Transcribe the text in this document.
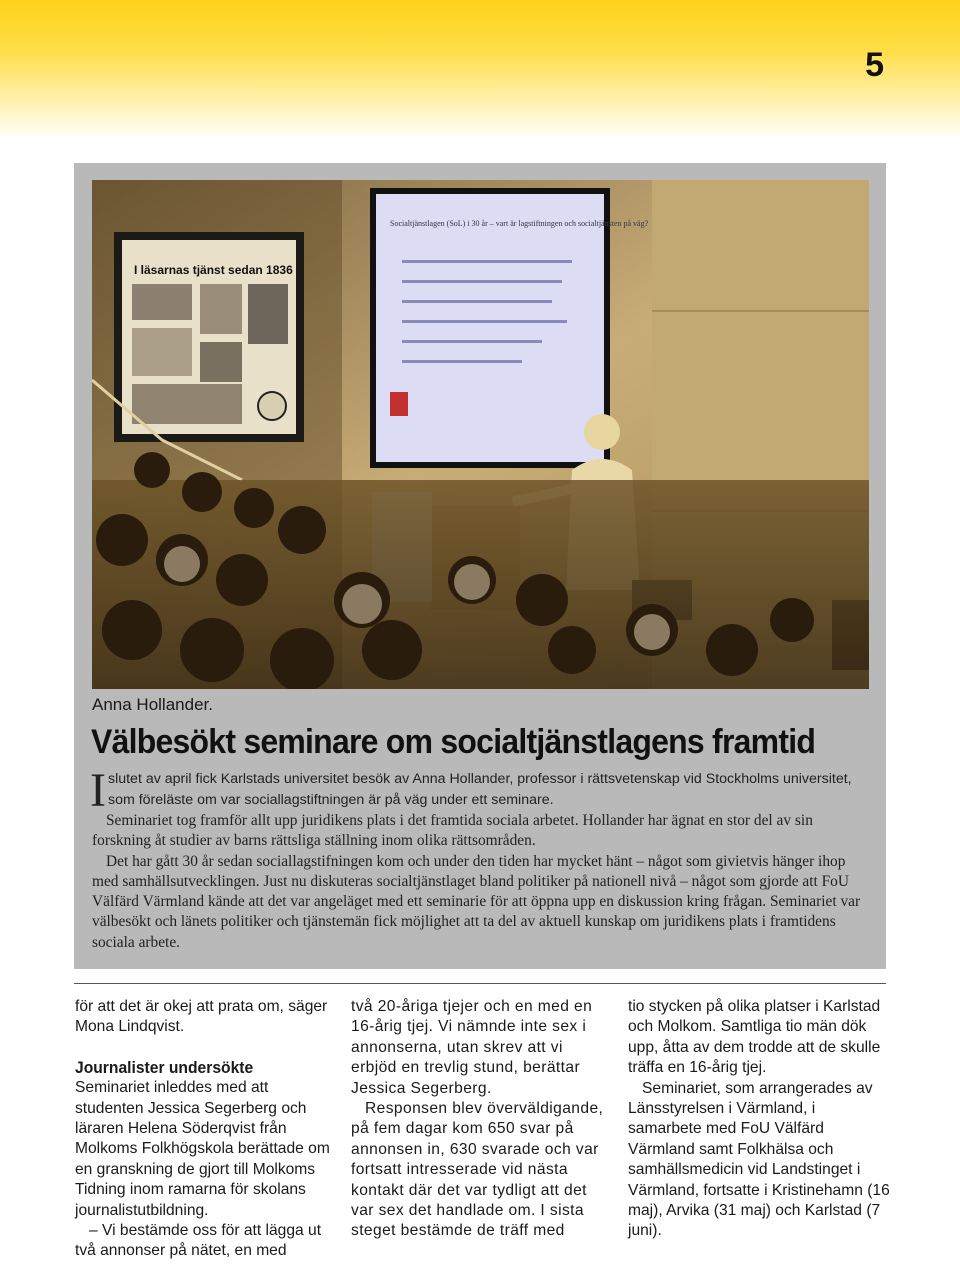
5
I läsarnas tjänst sedan 1836
Socialtjänstlagen (SoL) i 30 år – vart är lagstiftningen och socialtjänsten på väg?
Anna Hollander.
Välbesökt seminare om socialtjänstlagens framtid
Islutet av april fick Karlstads universitet besök av Anna Hollander, professor i rättsvetenskap vid Stockholms universitet, som föreläste om var sociallagstiftningen är på väg under ett seminare.

Seminariet tog framför allt upp juridikens plats i det framtida sociala arbetet. Hollander har ägnat en stor del av sin forskning åt studier av barns rättsliga ställning inom olika rättsområden.

Det har gått 30 år sedan sociallagstifningen kom och under den tiden har mycket hänt – något som givietvis hänger ihop med samhällsutvecklingen. Just nu diskuteras socialtjänstlaget bland politiker på nationell nivå – något som gjorde att FoU Välfärd Värmland kände att det var angeläget med ett seminarie för att öppna upp en diskussion kring frågan. Seminariet var välbesökt och länets politiker och tjänstemän fick möjlighet att ta del av aktuell kunskap om juridikens plats i framtidens sociala arbete.

för att det är okej att prata om, säger Mona Lindqvist.

Journalister undersökte

Seminariet inleddes med att studenten Jessica Segerberg och läraren Helena Söderqvist från Molkoms Folkhögskola berättade om en granskning de gjort till Molkoms Tidning inom ramarna för skolans journalistutbildning.

– Vi bestämde oss för att lägga ut två annonser på nätet, en med

två 20-åriga tjejer och en med en 16-årig tjej. Vi nämnde inte sex i annonserna, utan skrev att vi erbjöd en trevlig stund, berättar Jessica Segerberg.

Responsen blev överväldigande, på fem dagar kom 650 svar på annonsen in, 630 svarade och var fortsatt intresserade vid nästa kontakt där det var tydligt att det var sex det handlade om. I sista steget bestämde de träff med

tio stycken på olika platser i Karlstad och Molkom. Samtliga tio män dök upp, åtta av dem trodde att de skulle träffa en 16-årig tjej.

Seminariet, som arrangerades av Länsstyrelsen i Värmland, i samarbete med FoU Välfärd Värmland samt Folkhälsa och samhällsmedicin vid Landstinget i Värmland, fortsatte i Kristinehamn (16 maj), Arvika (31 maj) och Karlstad (7 juni).
